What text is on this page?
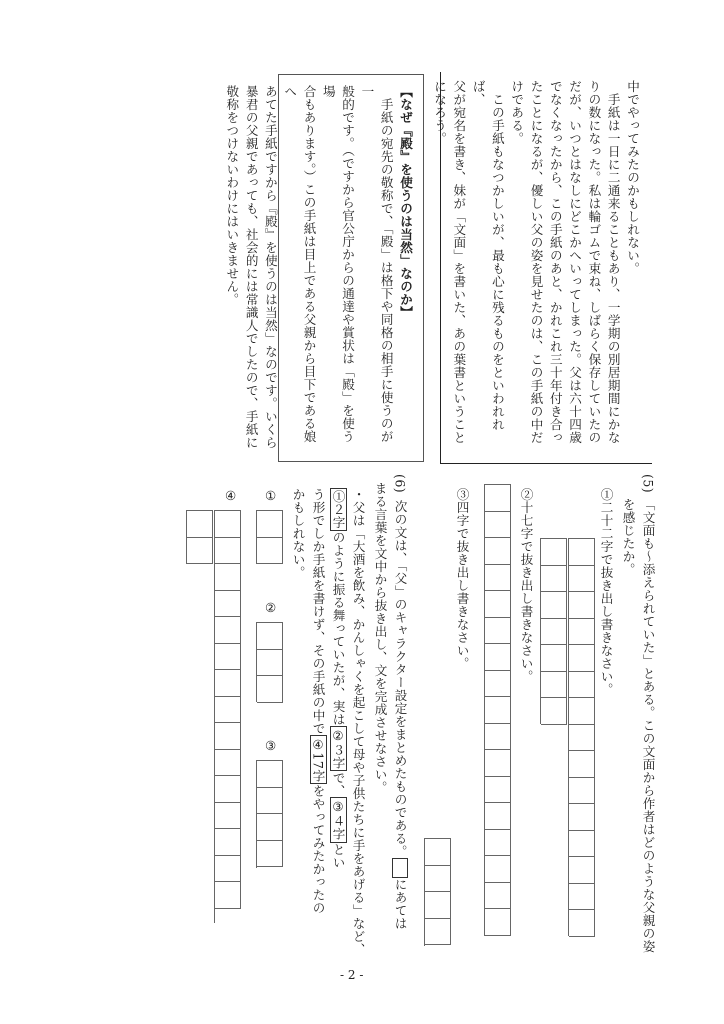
中でやってみたのかもしれない。
　手紙は一日に二通来ることもあり、一学期の別居期間にかな
りの数になった。私は輪ゴムで束ね、しばらく保存していたの
だが、いつとはなしにどこかへいってしまった。父は六十四歳
でなくなったから、この手紙のあと、かれこれ三十年付き合っ
たことになるが、優しい父の姿を見せたのは、この手紙の中だ
けである。
　この手紙もなつかしいが、最も心に残るものをといわれれば、
父が宛名を書き、妹が「文面」を書いた、あの葉書ということ
になろう。
【なぜ『殿』を使うのは当然」なのか】
　手紙の宛先の敬称で、「殿」は格下や同格の相手に使うのが一
般的です。（ですから官公庁からの通達や賞状は「殿」を使う場
合もあります。）この手紙は目上である父親から目下である娘へ
あてた手紙ですから『殿』を使うのは当然」なのです。いくら
暴君の父親であっても、社会的には常識人でしたので、手紙に
敬称をつけないわけにはいきません。
(5)
「文面も～添えられていた」とある。この文面から作者はどのような父親の姿
を感じたか。
①二十二字で抜き出し書きなさい。
②十七字で抜き出し書きなさい。
③四字で抜き出し書きなさい。
(6)
次の文は、「父」のキャラクター設定をまとめたものである。にあては
まる言葉を文中から抜き出し、文を完成させなさい。
・父は「大酒を飲み、かんしゃくを起こして母や子供たちに手をあげる」など、
①２字のように振る舞っていたが、実は②３字で、③４字とい
う形でしか手紙を書けず、その手紙の中で④17字をやってみたかったの
かもしれない。
①
②
③
④
- 2 -
